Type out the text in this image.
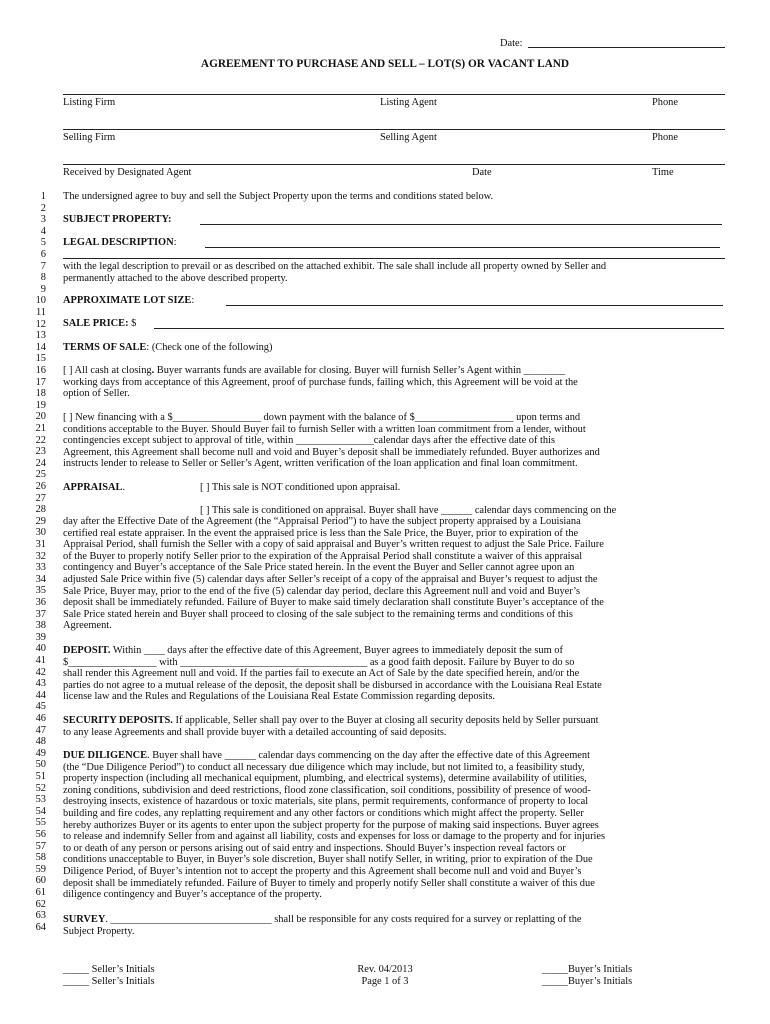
Date:
AGREEMENT TO PURCHASE AND SELL – LOT(S) OR VACANT LAND
Listing Firm	Listing Agent	Phone
Selling Firm	Selling Agent	Phone
Received by Designated Agent	Date	Time
1
2
3
4
5
6
7
8
9
10
11
12
13
14
15
16
17
18
19
20
21
22
23
24
25
26
27
28
29
30
31
32
33
34
35
36
37
38
39
40
41
42
43
44
45
46
47
48
49
50
51
52
53
54
55
56
57
58
59
60
61
62
63
64
The undersigned agree to buy and sell the Subject Property upon the terms and conditions stated below.
SUBJECT PROPERTY:
LEGAL DESCRIPTION:
with the legal description to prevail or as described on the attached exhibit. The sale shall include all property owned by Seller and
permanently attached to the above described property.
APPROXIMATE LOT SIZE:
SALE PRICE: $
TERMS OF SALE: (Check one of the following)
[ ] All cash at closing. Buyer warrants funds are available for closing. Buyer will furnish Seller’s Agent within ________
working days from acceptance of this Agreement, proof of purchase funds, failing which, this Agreement will be void at the
option of Seller.
[ ] New financing with a $_________________ down payment with the balance of $___________________ upon terms and
conditions acceptable to the Buyer. Should Buyer fail to furnish Seller with a written loan commitment from a lender, without
contingencies except subject to approval of title, within _______________calendar days after the effective date of this
Agreement, this Agreement shall become null and void and Buyer’s deposit shall be immediately refunded. Buyer authorizes and
instructs lender to release to Seller or Seller’s Agent, written verification of the loan application and final loan commitment.
APPRAISAL.	[ ] This sale is NOT conditioned upon appraisal.
[ ] This sale is conditioned on appraisal. Buyer shall have ______ calendar days commencing on the
day after the Effective Date of the Agreement (the “Appraisal Period”) to have the subject property appraised by a Louisiana
certified real estate appraiser. In the event the appraised price is less than the Sale Price, the Buyer, prior to expiration of the
Appraisal Period, shall furnish the Seller with a copy of said appraisal and Buyer’s written request to adjust the Sale Price. Failure
of the Buyer to properly notify Seller prior to the expiration of the Appraisal Period shall constitute a waiver of this appraisal
contingency and Buyer’s acceptance of the Sale Price stated herein. In the event the Buyer and Seller cannot agree upon an
adjusted Sale Price within five (5) calendar days after Seller’s receipt of a copy of the appraisal and Buyer’s request to adjust the
Sale Price, Buyer may, prior to the end of the five (5) calendar day period, declare this Agreement null and void and Buyer’s
deposit shall be immediately refunded. Failure of Buyer to make said timely declaration shall constitute Buyer’s acceptance of the
Sale Price stated herein and Buyer shall proceed to closing of the sale subject to the remaining terms and conditions of this
Agreement.
DEPOSIT. Within ____ days after the effective date of this Agreement, Buyer agrees to immediately deposit the sum of
$_________________ with ____________________________________ as a good faith deposit. Failure by Buyer to do so
shall render this Agreement null and void. If the parties fail to execute an Act of Sale by the date specified herein, and/or the
parties do not agree to a mutual release of the deposit, the deposit shall be disbursed in accordance with the Louisiana Real Estate
license law and the Rules and Regulations of the Louisiana Real Estate Commission regarding deposits.
SECURITY DEPOSITS. If applicable, Seller shall pay over to the Buyer at closing all security deposits held by Seller pursuant
to any lease Agreements and shall provide buyer with a detailed accounting of said deposits.
DUE DILIGENCE. Buyer shall have ______ calendar days commencing on the day after the effective date of this Agreement
(the “Due Diligence Period”) to conduct all necessary due diligence which may include, but not limited to, a feasibility study,
property inspection (including all mechanical equipment, plumbing, and electrical systems), determine availability of utilities,
zoning conditions, subdivision and deed restrictions, flood zone classification, soil conditions, possibility of presence of wood-
destroying insects, existence of hazardous or toxic materials, site plans, permit requirements, conformance of property to local
building and fire codes, any replatting requirement and any other factors or conditions which might affect the property. Seller
hereby authorizes Buyer or its agents to enter upon the subject property for the purpose of making said inspections. Buyer agrees
to release and indemnify Seller from and against all liability, costs and expenses for loss or damage to the property and for injuries
to or death of any person or persons arising out of said entry and inspections. Should Buyer’s inspection reveal factors or
conditions unacceptable to Buyer, in Buyer’s sole discretion, Buyer shall notify Seller, in writing, prior to expiration of the Due
Diligence Period, of Buyer’s intention not to accept the property and this Agreement shall become null and void and Buyer’s
deposit shall be immediately refunded. Failure of Buyer to timely and properly notify Seller shall constitute a waiver of this due
diligence contingency and Buyer’s acceptance of the property.
SURVEY. _______________________________ shall be responsible for any costs required for a survey or replatting of the
Subject Property.
_____ Seller’s Initials
_____ Seller’s Initials
Rev. 04/2013
Page 1 of 3
_____Buyer’s Initials
_____Buyer’s Initials
